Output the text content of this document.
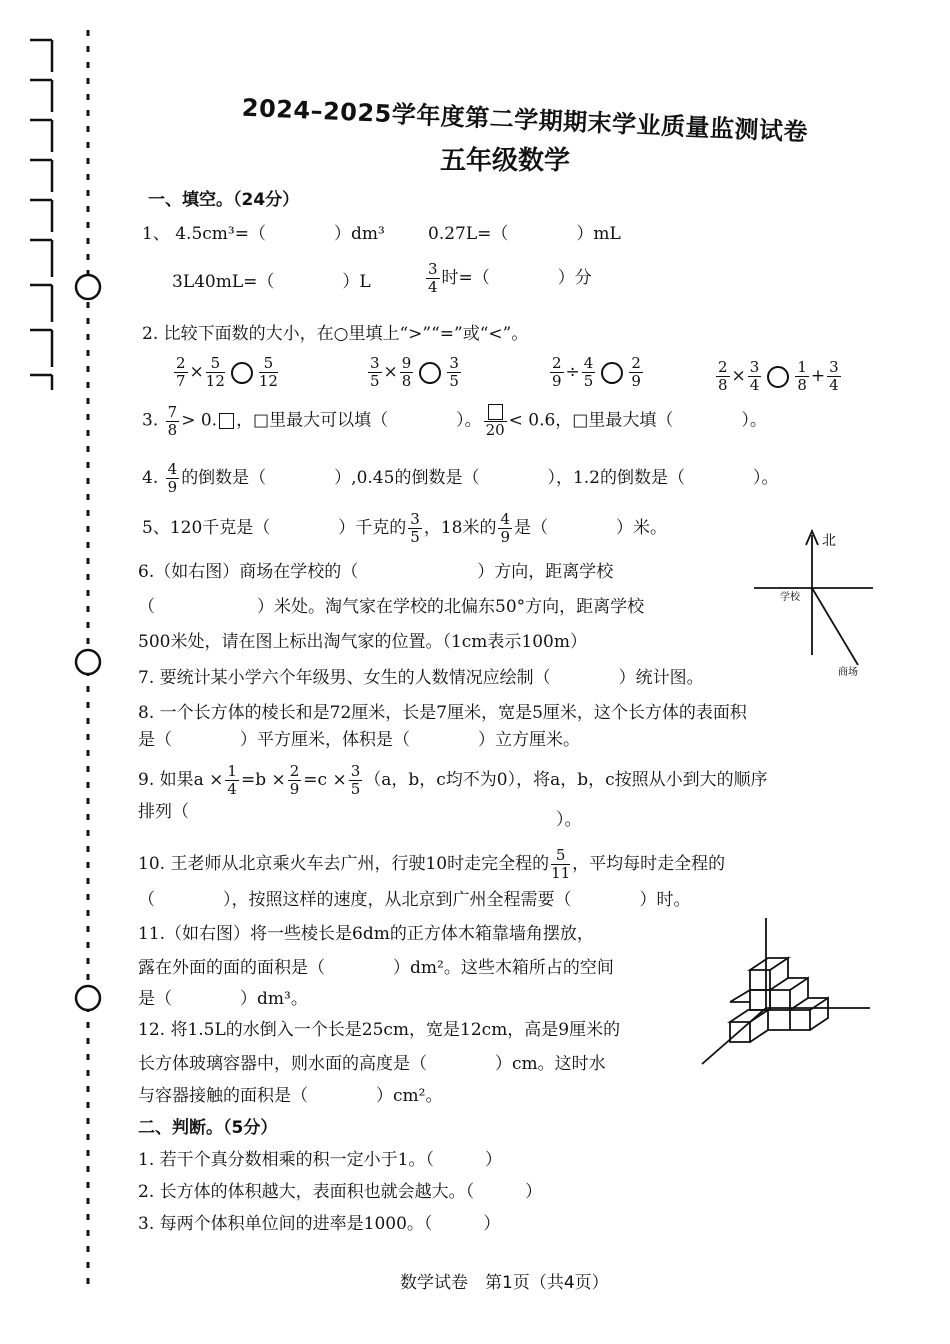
2024–2025学年度第二学期期末学业质量监测试卷
五年级数学
一、填空。（24分）
1、 4.5cm³=（　　　　）dm³	0.27L=（　　　　）mL
3L40mL=（　　　　）L	$\frac{3}{4}$ 时=（　　　　）分
2. 比较下面数的大小，在○里填上“>”“=”或“<”。
$\frac{2}{7} \times \frac{5}{12} \frac{5}{12}$	$\frac{3}{5} \times \frac{9}{8} \frac{3}{5}$	$\frac{2}{9} \div \frac{4}{5} \frac{2}{9}$	$\frac{2}{8} \times \frac{3}{4} \frac{1}{8} + \frac{3}{4}$
3. $\frac{7}{8} > 0$. ，□里最大可以填（　　　　）。 20 < 0.6，□里最大填（　　　　）。
4. $\frac{4}{9}$ 的倒数是（　　　　）,0.45的倒数是（　　　　），1.2的倒数是（　　　　）。
5、120千克是（　　　　）千克的 $\frac{3}{5}$ ，18米的 $\frac{4}{9}$ 是（　　　　）米。
6.（如右图）商场在学校的（　　　　　　　）方向，距离学校
（　　　　　　）米处。淘气家在学校的北偏东50°方向，距离学校
500米处，请在图上标出淘气家的位置。（1cm表示100m）
北
学校
商场
7. 要统计某小学六个年级男、女生的人数情况应绘制（　　　　）统计图。
8. 一个长方体的棱长和是72厘米，长是7厘米，宽是5厘米，这个长方体的表面积
是（　　　　）平方厘米，体积是（　　　　）立方厘米。
9. 如果$a \times \frac{1}{4} =b \times \frac{2}{9} =c \times \frac{3}{5} (a$，b，c均不为0），将a，b，c按照从小到大的顺序
排列（	）。
10. 王老师从北京乘火车去广州，行驶10时走完全程的 $\frac{5}{11}$ ，平均每时走全程的
（　　　　），按照这样的速度，从北京到广州全程需要（　　　　）时。
11.（如右图）将一些棱长是6dm的正方体木箱靠墙角摆放，
露在外面的面的面积是（　　　　）dm²。这些木箱所占的空间
是（　　　　）dm³。
12. 将1.5L的水倒入一个长是25cm，宽是12cm，高是9厘米的
长方体玻璃容器中，则水面的高度是（　　　　）cm。这时水
与容器接触的面积是（　　　　）cm²。
二、判断。（5分）
1. 若干个真分数相乘的积一定小于1。（　　　）
2. 长方体的体积越大，表面积也就会越大。（　　　）
3. 每两个体积单位间的进率是1000。（　　　）
数学试卷　第1页（共4页）
